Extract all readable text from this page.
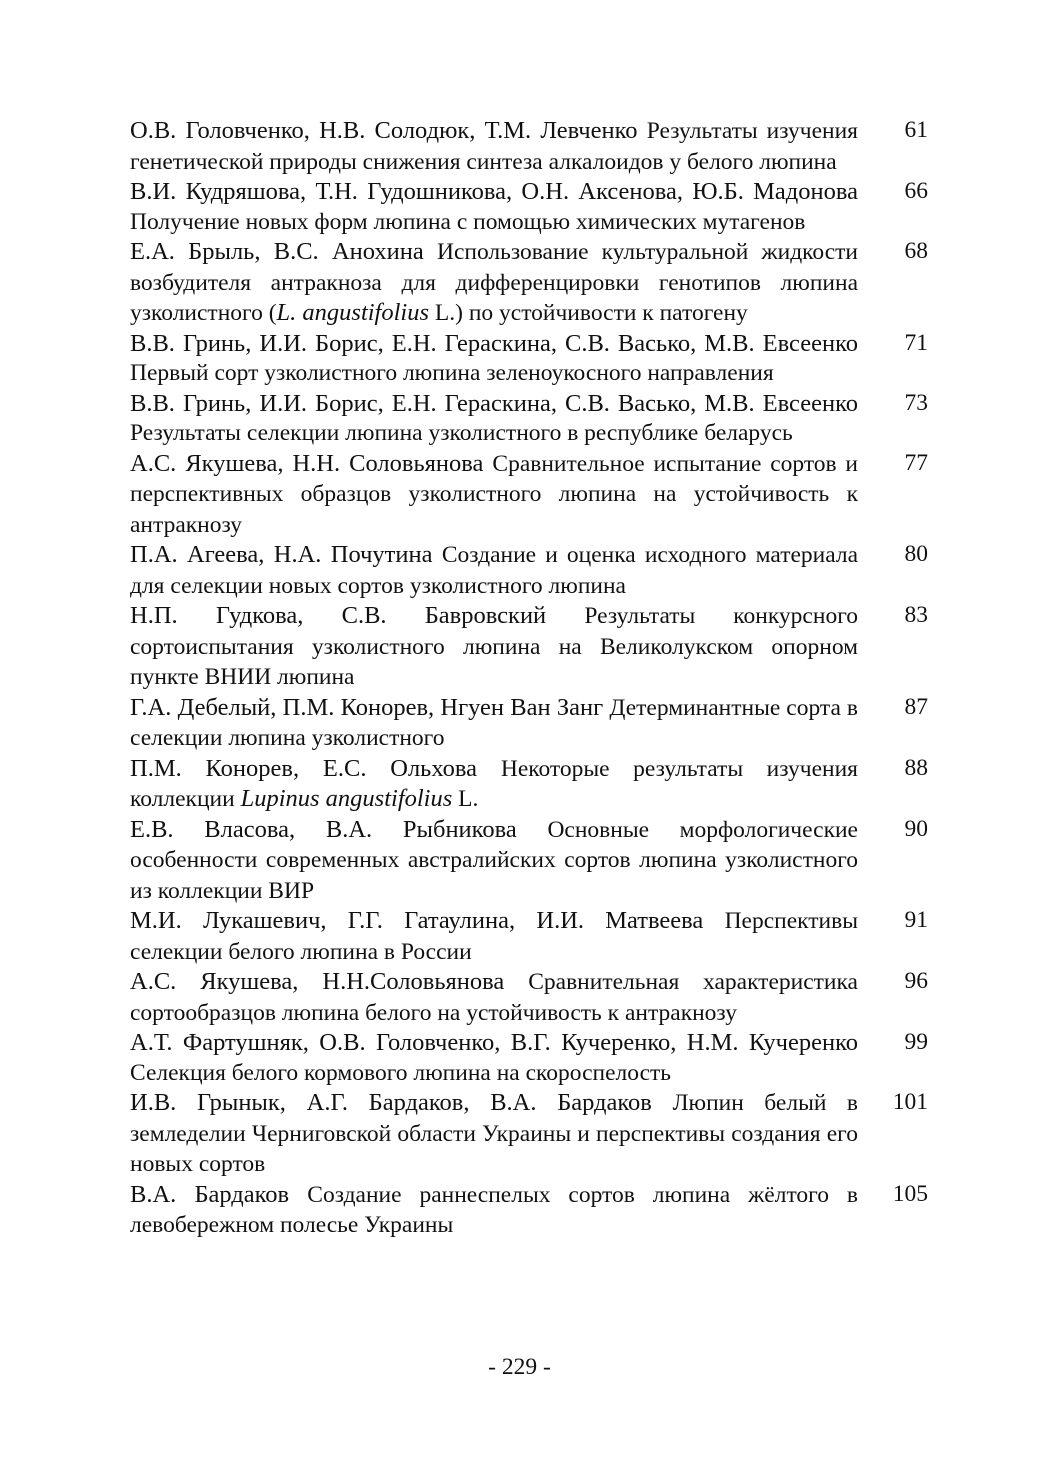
О.В. Головченко, Н.В. Солодюк, Т.М. Левченко Результаты изучения генетической природы снижения синтеза алкалоидов у белого люпина

61

В.И. Кудряшова, Т.Н. Гудошникова, О.Н. Аксенова, Ю.Б. Мадонова Получение новых форм люпина с помощью химических мутагенов

66

Е.А. Брыль, В.С. Анохина Использование культуральной жидкости возбудителя антракноза для дифференцировки генотипов люпина узколистного (L. angustifolius L.) по устойчивости к патогену

68

В.В. Гринь, И.И. Борис, Е.Н. Гераскина, С.В. Васько, М.В. Евсеенко Первый сорт узколистного люпина зеленоукосного направления

71

В.В. Гринь, И.И. Борис, Е.Н. Гераскина, С.В. Васько, М.В. Евсеенко Результаты селекции люпина узколистного в республике беларусь

73

А.С. Якушева, Н.Н. Соловьянова Сравнительное испытание сортов и перспективных образцов узколистного люпина на устойчивость к антракнозу

77

П.А. Агеева, Н.А. Почутина Создание и оценка исходного материала для селекции новых сортов узколистного люпина

80

Н.П. Гудкова, С.В. Бавровский Результаты конкурсного сортоиспытания узколистного люпина на Великолукском опорном пункте ВНИИ люпина

83

Г.А. Дебелый, П.М. Конорев, Нгуен Ван Занг Детерминантные сорта в селекции люпина узколистного

87

П.М. Конорев, Е.С. Ольхова Некоторые результаты изучения коллекции Lupinus angustifolius L.

88

Е.В. Власова, В.А. Рыбникова Основные морфологические особенности современных австралийских сортов люпина узколистного из коллекции ВИР

90

М.И. Лукашевич, Г.Г. Гатаулина, И.И. Матвеева Перспективы селекции белого люпина в России

91

А.С. Якушева, Н.Н.Соловьянова Сравнительная характеристика сортообразцов люпина белого на устойчивость к антракнозу

96

А.Т. Фартушняк, О.В. Головченко, В.Г. Кучеренко, Н.М. Кучеренко Селекция белого кормового люпина на скороспелость

99

И.В. Грынык, А.Г. Бардаков, В.А. Бардаков Люпин белый в земледелии Черниговской области Украины и перспективы создания его новых сортов

101

В.А. Бардаков Создание раннеспелых сортов люпина жёлтого в левобережном полесье Украины

105
- 229 -
